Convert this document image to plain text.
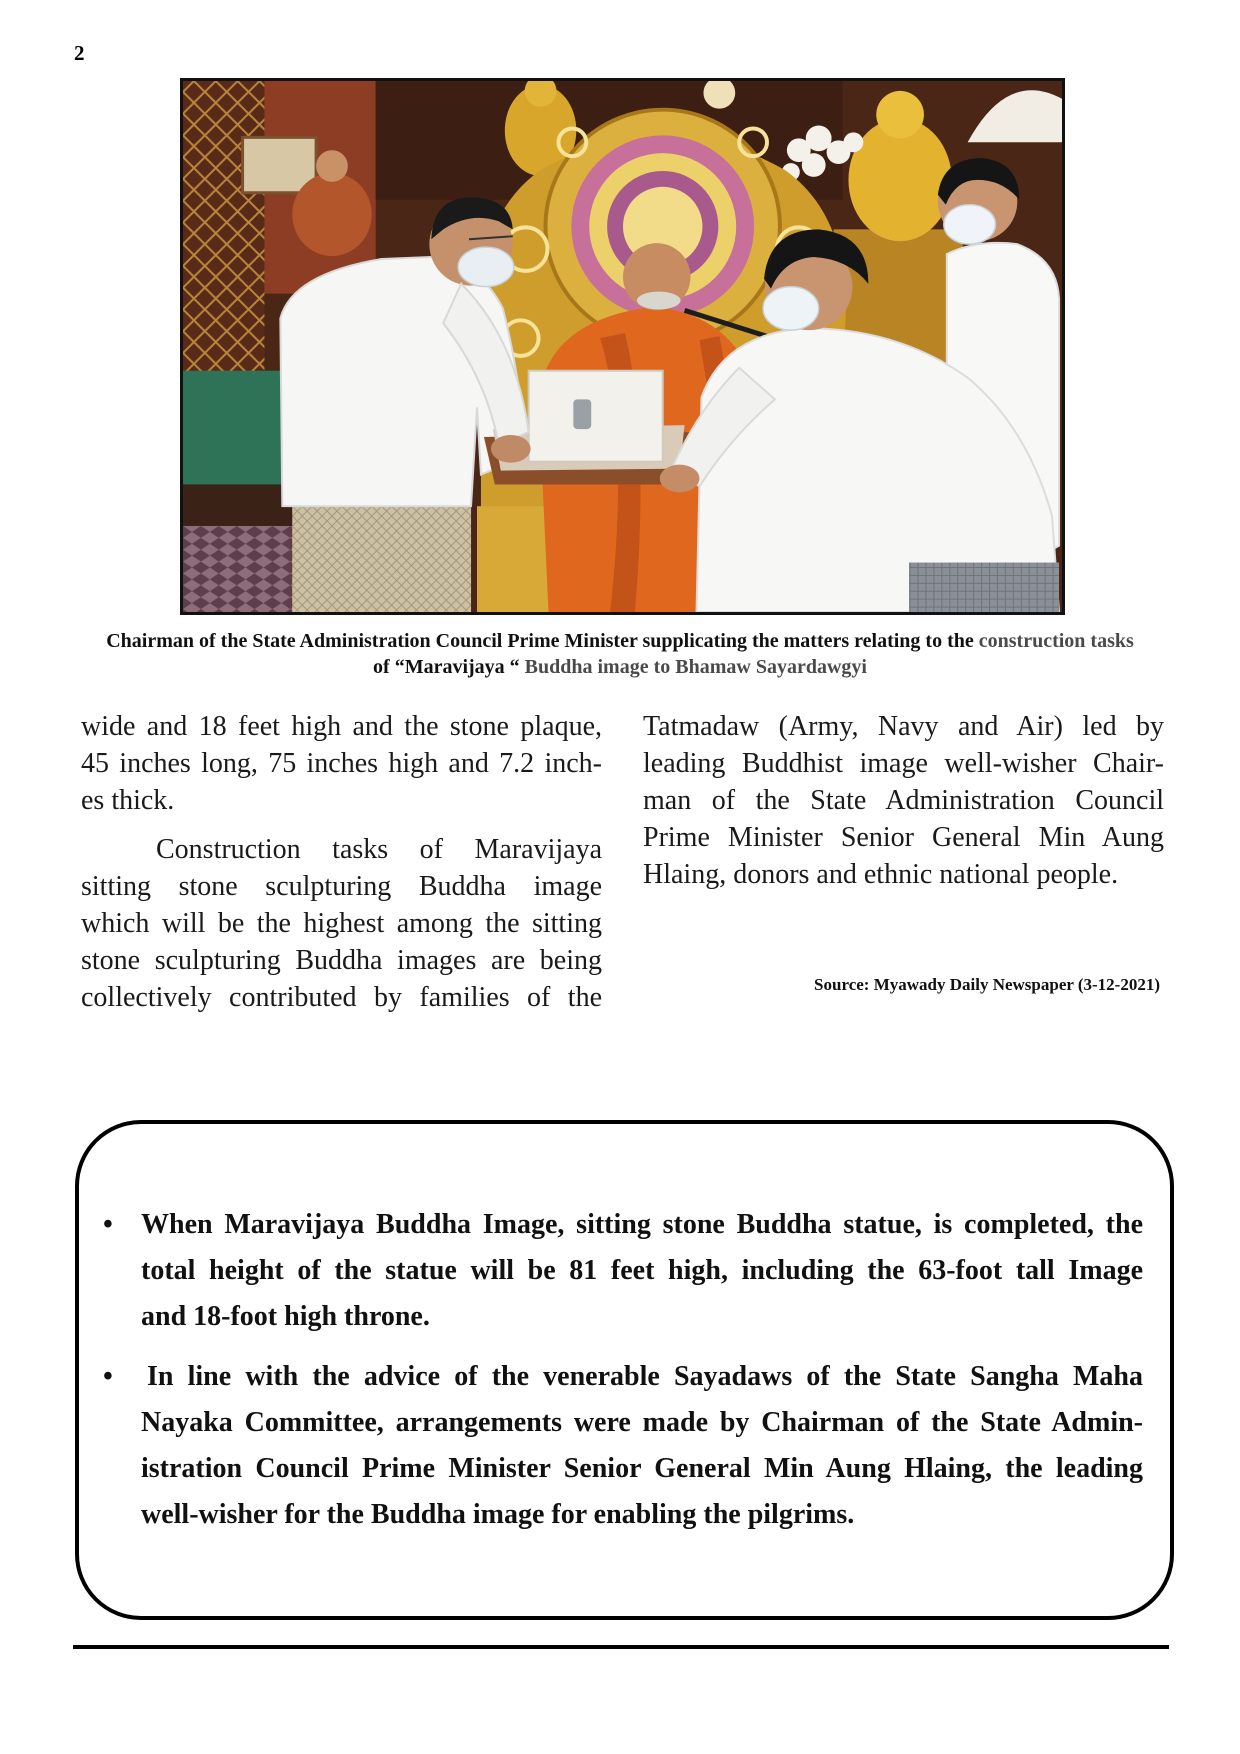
2
Chairman of the State Administration Council Prime Minister supplicating the matters relating to the construction tasks
of “Maravijaya “ Buddha image to Bhamaw Sayardawgyi
wide and 18 feet high and the stone plaque,
45 inches long, 75 inches high and 7.2 inch-
es thick.
Construction tasks of Maravijaya
sitting stone sculpturing Buddha image
which will be the highest among the sitting
stone sculpturing Buddha images are being
collectively contributed by families of the
Tatmadaw (Army, Navy and Air) led by
leading Buddhist image well-wisher Chair-
man of the State Administration Council
Prime Minister Senior General Min Aung
Hlaing, donors and ethnic national people.
Source: Myawady Daily Newspaper (3-12-2021)
• When Maravijaya Buddha Image, sitting stone Buddha statue, is completed, the
total height of the statue will be 81 feet high, including the 63-foot tall Image
and 18-foot high throne.
• In line with the advice of the venerable Sayadaws of the State Sangha Maha
Nayaka Committee, arrangements were made by Chairman of the State Admin-
istration Council Prime Minister Senior General Min Aung Hlaing, the leading
well-wisher for the Buddha image for enabling the pilgrims.
